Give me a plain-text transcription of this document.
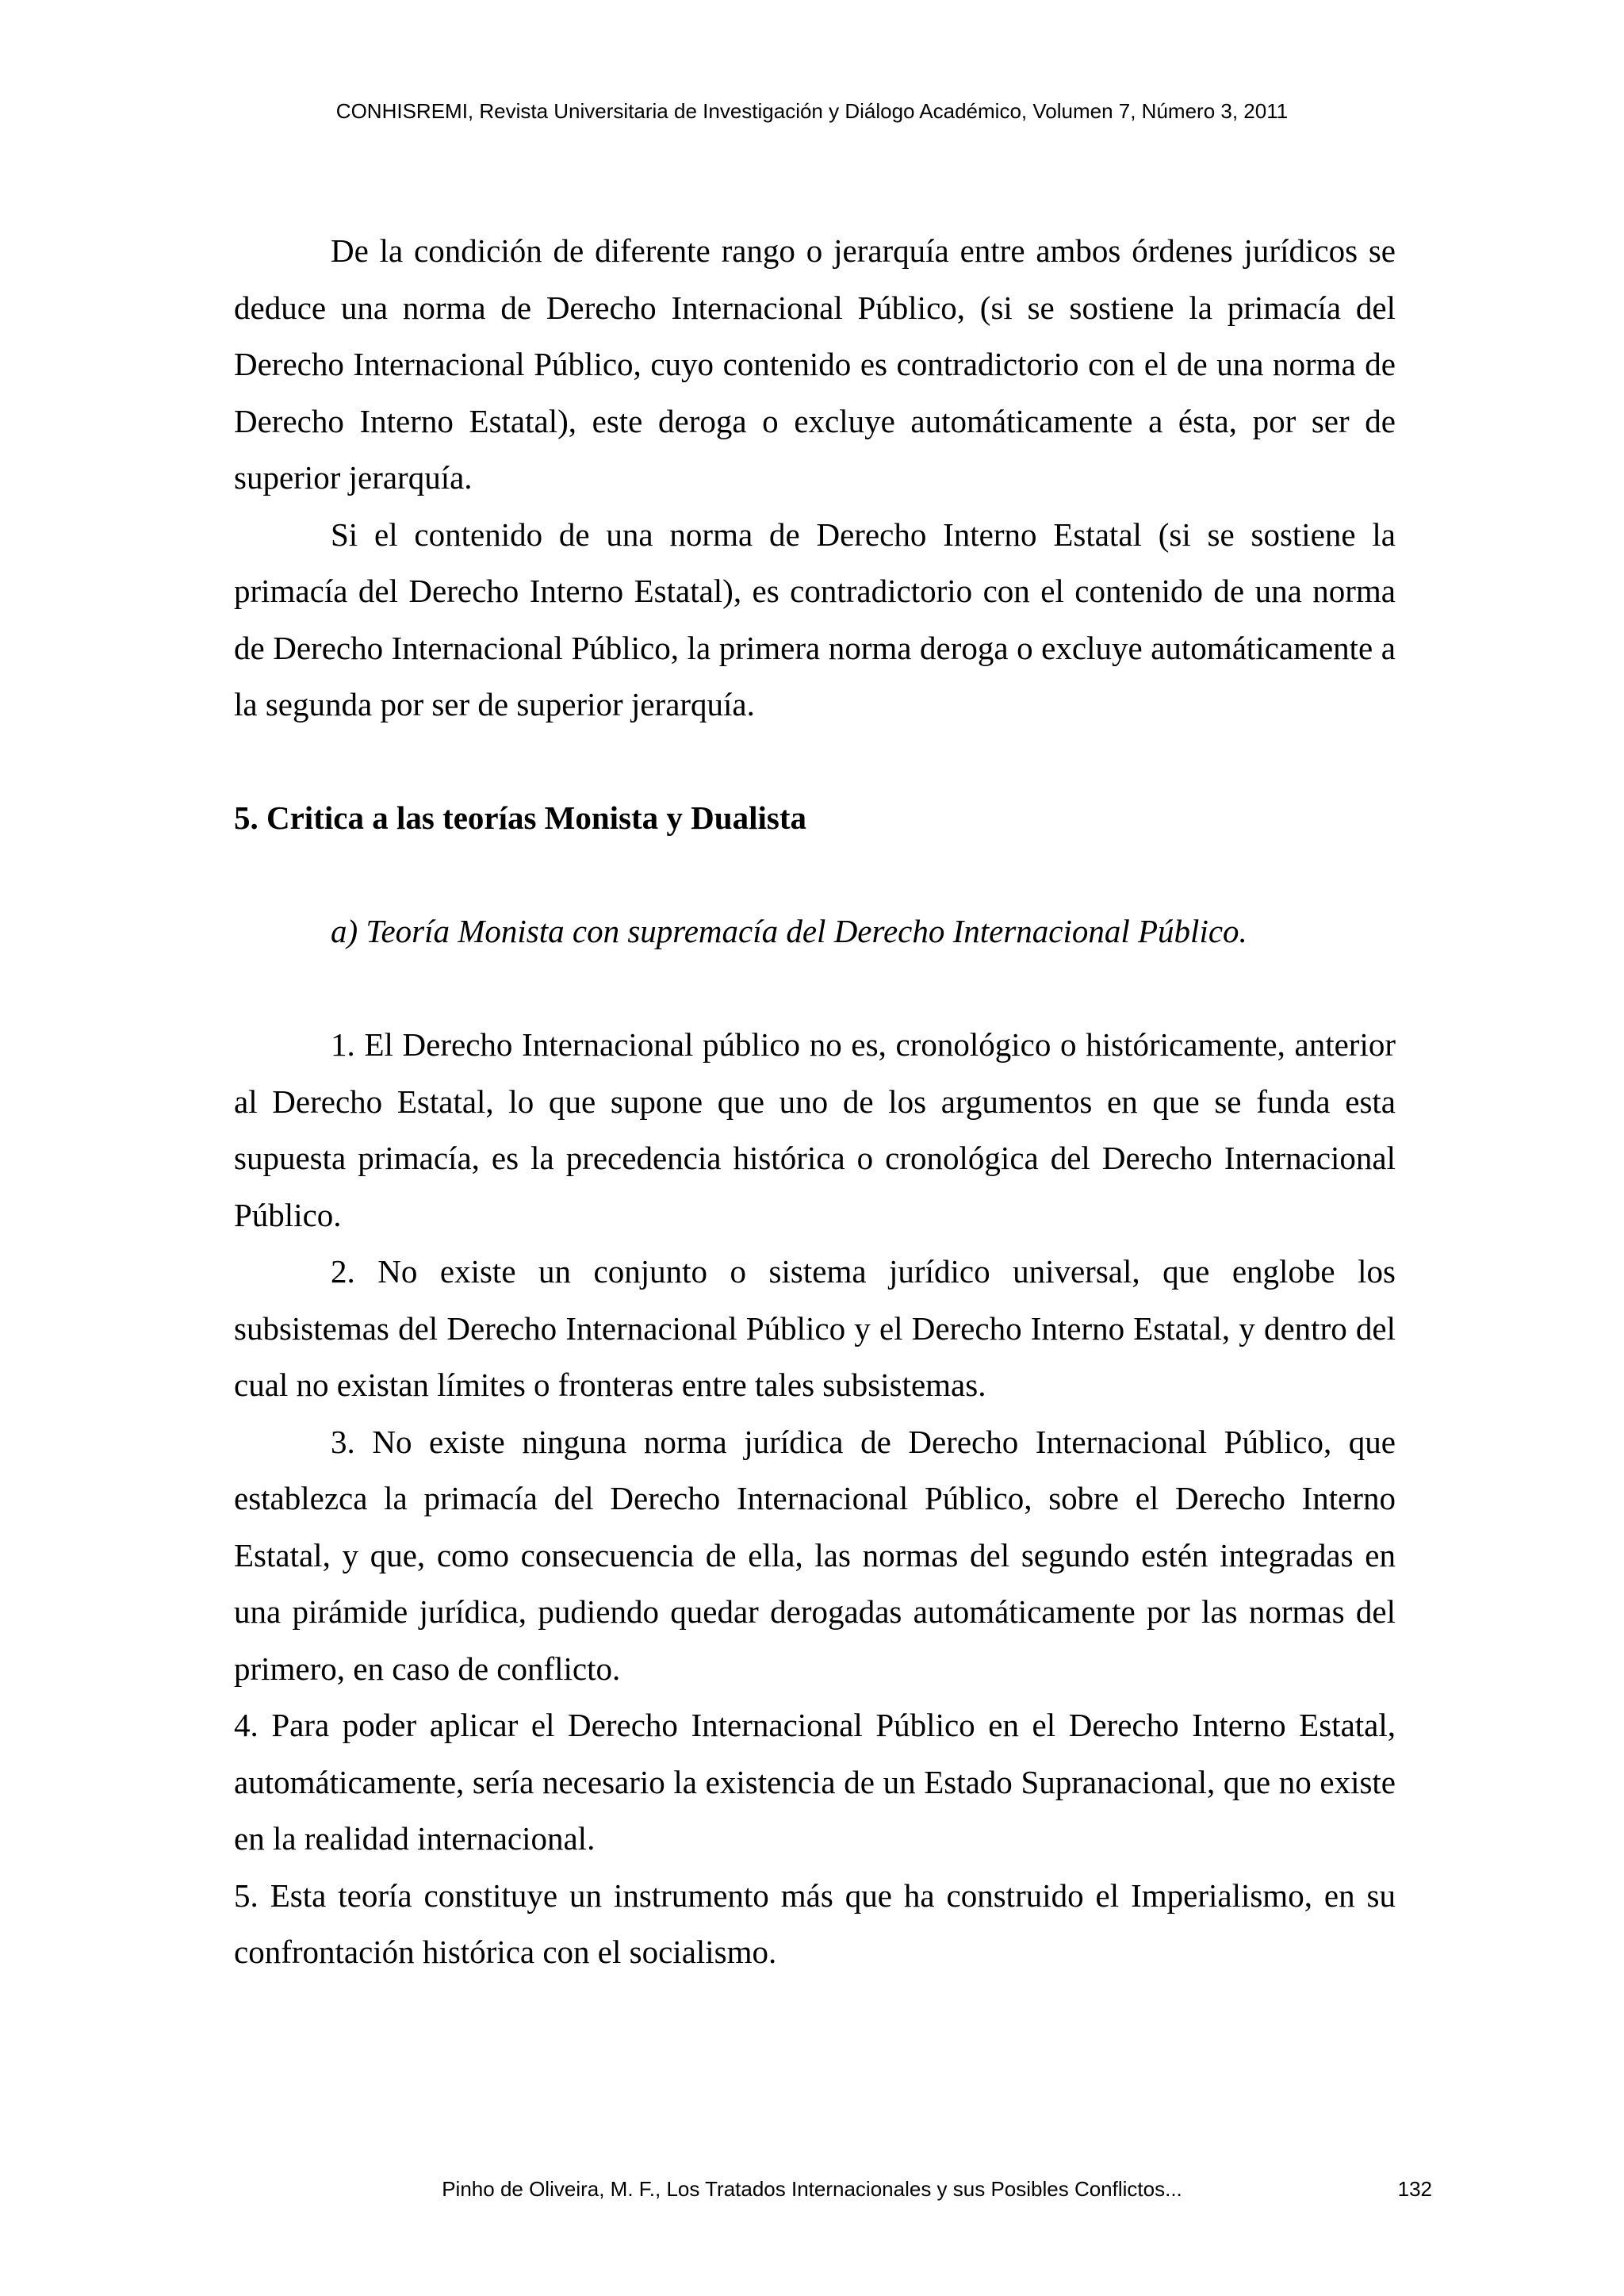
CONHISREMI, Revista Universitaria de Investigación y Diálogo Académico, Volumen 7, Número 3, 2011

De la condición de diferente rango o jerarquía entre ambos órdenes jurídicos se deduce una norma de Derecho Internacional Público, (si se sostiene la primacía del Derecho Internacional Público, cuyo contenido es contradictorio con el de una norma de Derecho Interno Estatal), este deroga o excluye automáticamente a ésta, por ser de superior jerarquía.

Si el contenido de una norma de Derecho Interno Estatal (si se sostiene la primacía del Derecho Interno Estatal), es contradictorio con el contenido de una norma de Derecho Internacional Público, la primera norma deroga o excluye automáticamente a la segunda por ser de superior jerarquía.

5. Critica a las teorías Monista y Dualista

a) Teoría Monista con supremacía del Derecho Internacional Público.

1. El Derecho Internacional público no es, cronológico o históricamente, anterior al Derecho Estatal, lo que supone que uno de los argumentos en que se funda esta supuesta primacía, es la precedencia histórica o cronológica del Derecho Internacional Público.

2. No existe un conjunto o sistema jurídico universal, que englobe los subsistemas del Derecho Internacional Público y el Derecho Interno Estatal, y dentro del cual no existan límites o fronteras entre tales subsistemas.

3. No existe ninguna norma jurídica de Derecho Internacional Público, que establezca la primacía del Derecho Internacional Público, sobre el Derecho Interno Estatal, y que, como consecuencia de ella, las normas del segundo estén integradas en una pirámide jurídica, pudiendo quedar derogadas automáticamente por las normas del primero, en caso de conflicto.

4. Para poder aplicar el Derecho Internacional Público en el Derecho Interno Estatal, automáticamente, sería necesario la existencia de un Estado Supranacional, que no existe en la realidad internacional.

5. Esta teoría constituye un instrumento más que ha construido el Imperialismo, en su confrontación histórica con el socialismo.

Pinho de Oliveira, M. F., Los Tratados Internacionales y sus Posibles Conflictos...	132
